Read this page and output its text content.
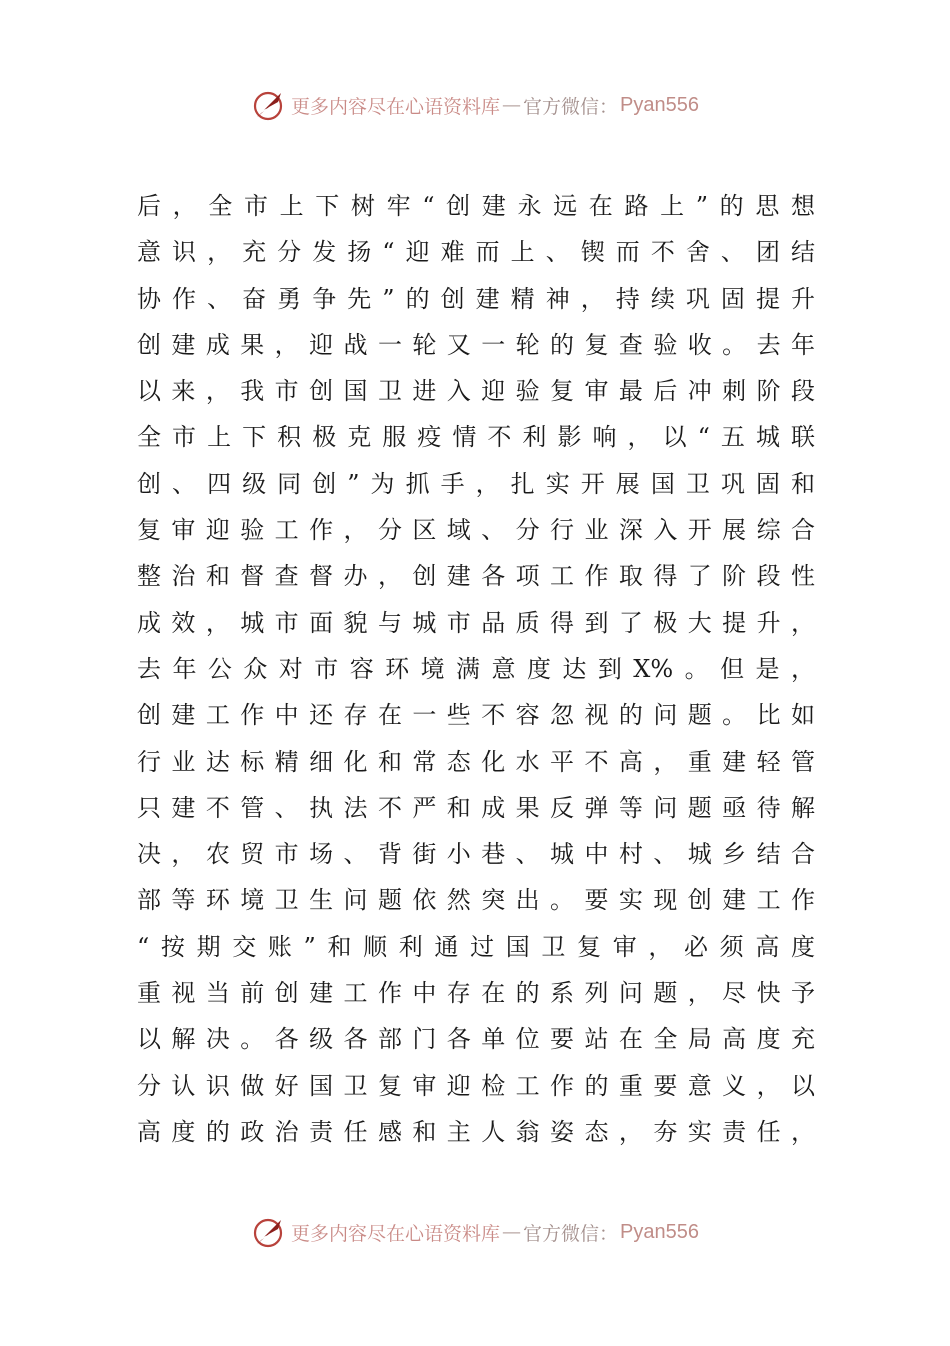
更多内容尽在心语资料库 — 官方微信： Pyan556
后，全市上下树牢“创建永远在路上”的思想
意识，充分发扬“迎难而上、锲而不舍、团结
协作、奋勇争先”的创建精神，持续巩固提升
创建成果，迎战一轮又一轮的复查验收。去年
以来，我市创国卫进入迎验复审最后冲刺阶段
全市上下积极克服疫情不利影响，以“五城联
创、四级同创”为抓手，扎实开展国卫巩固和
复审迎验工作，分区域、分行业深入开展综合
整治和督查督办，创建各项工作取得了阶段性
成效，城市面貌与城市品质得到了极大提升，
去年公众对市容环境满意度达到X%。但是，
创建工作中还存在一些不容忽视的问题。比如
行业达标精细化和常态化水平不高，重建轻管
只建不管、执法不严和成果反弹等问题亟待解
决，农贸市场、背街小巷、城中村、城乡结合
部等环境卫生问题依然突出。要实现创建工作
“按期交账”和顺利通过国卫复审，必须高度
重视当前创建工作中存在的系列问题，尽快予
以解决。各级各部门各单位要站在全局高度充
分认识做好国卫复审迎检工作的重要意义，以
高度的政治责任感和主人翁姿态，夯实责任，
更多内容尽在心语资料库 — 官方微信： Pyan556
